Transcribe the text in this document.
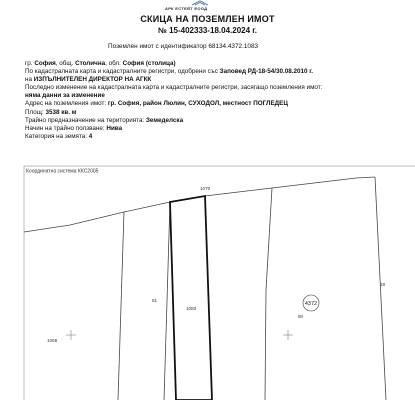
АРК ЕСТЕЙТ ЕООД
СКИЦА НА ПОЗЕМЛЕН ИМОТ
№ 15-402333-18.04.2024 г.
Поземлен имот с идентификатор 68134.4372.1083
гр. София, общ. Столична, обл. София (столица)
По кадастралната карта и кадастралните регистри, одобрени със Заповед РД-18-54/30.08.2010 г.
на ИЗПЪЛНИТЕЛЕН ДИРЕКТОР НА АГКК
Последно изменение на кадастралната карта и кадастралните регистри, засягащо поземления имот:
няма данни за изменение
Адрес на поземления имот: гр. София, район Люлин, СУХОДОЛ, местност ПОГЛЕДЕЦ
Площ: 3538 кв. м
Трайно предназначение на територията: Земеделска
Начин на трайно ползване: Нива
Категория на земята: 4
Координатна система ККС2005
1070
51
1083
1068
18
80
4372
